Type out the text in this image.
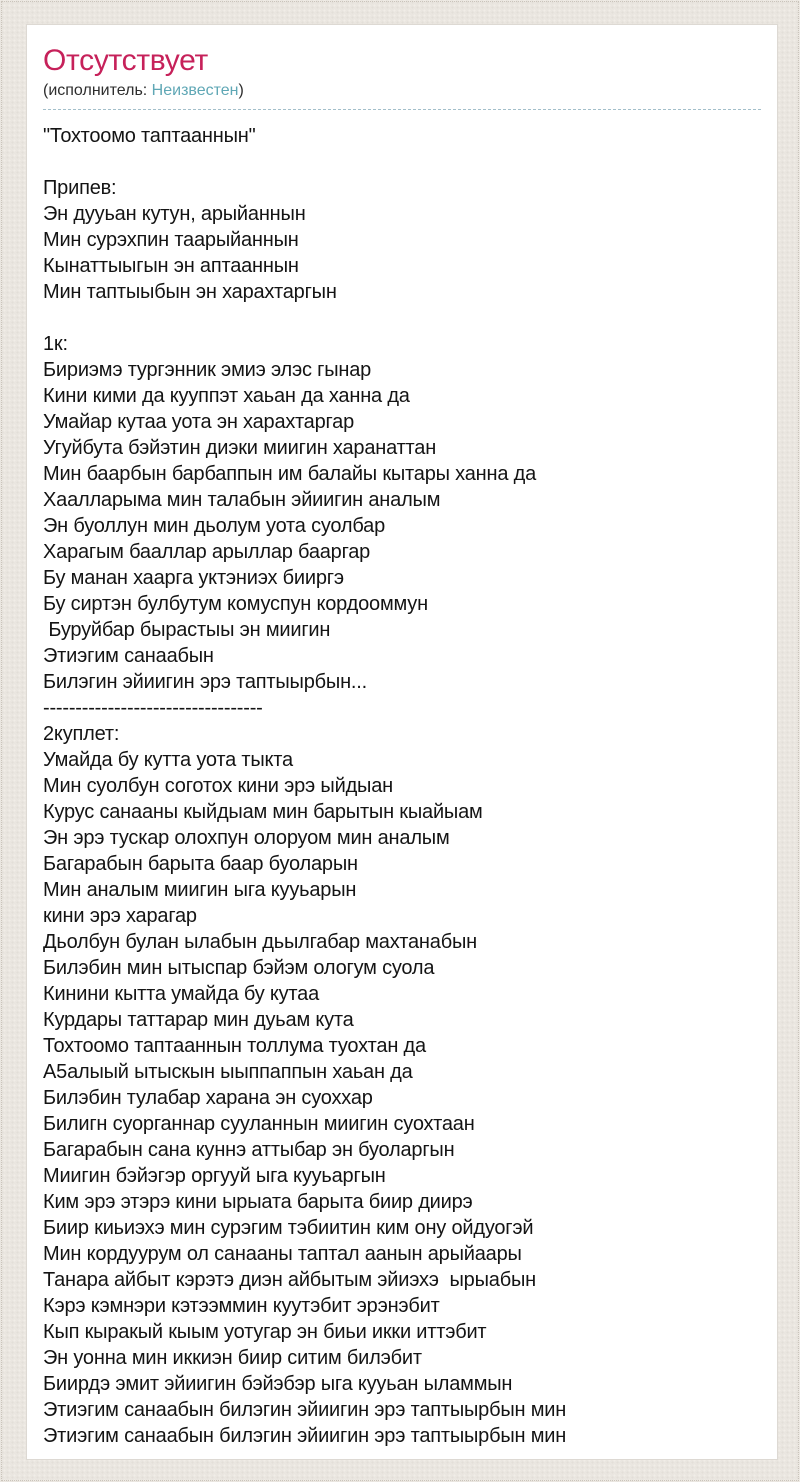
Отсутствует
(исполнитель: Неизвестен)
"Тохтоомо таптааннын"
Припев:
Эн дууьан кутун, арыйаннын
Мин сурэхпин таарыйаннын
Кынаттыыгын эн аптааннын
Мин таптыыбын эн харахтаргын
1к:
Бириэмэ тургэнник эмиэ элэс гынар
Кини кими да кууппэт хаьан да ханна да
Умайар кутаа уота эн харахтаргар
Угуйбута бэйэтин диэки миигин харанаттан
Мин баарбын барбаппын им балайы кытары ханна да
Хаалларыма мин талабын эйиигин аналым
Эн буоллун мин дьолум уота суолбар
Харагым бааллар арыллар бааргар
Бу манан хаарга уктэниэх бииргэ
Бу сиртэн булбутум комуспун кордооммун
Буруйбар бырастыы эн миигин
Этиэгим санаабын
Билэгин эйиигин эрэ таптыырбын...
----------------------------------
2куплет:
Умайда бу кутта уота тыкта
Мин суолбун соготох кини эрэ ыйдыан
Курус санааны кыйдыам мин барытын кыайыам
Эн эрэ тускар олохпун олоруом мин аналым
Багарабын барыта баар буоларын
Мин аналым миигин ыга кууьарын
кини эрэ харагар
Дьолбун булан ылабын дьылгабар махтанабын
Билэбин мин ытыспар бэйэм ологум суола
Кинини кытта умайда бу кутаа
Курдары таттарар мин дуьам кута
Тохтоомо таптааннын толлума туохтан да
А5алыый ытыскын ыыппаппын хаьан да
Билэбин тулабар харана эн суоххар
Билигн суорганнар сууланнын миигин суохтаан
Багарабын сана куннэ аттыбар эн буоларгын
Миигин бэйэгэр оргууй ыга кууьаргын
Ким эрэ этэрэ кини ырыата барыта биир диирэ
Биир киьиэхэ мин сурэгим тэбиитин ким ону ойдуогэй
Мин кордуурум ол санааны таптал аанын арыйаары
Танара айбыт кэрэтэ диэн айбытым эйиэхэ  ырыабын
Кэрэ кэмнэри кэтээммин куутэбит эрэнэбит
Кып кыракый кыым уотугар эн биьи икки иттэбит
Эн уонна мин иккиэн биир ситим билэбит
Биирдэ эмит эйиигин бэйэбэр ыга кууьан ыламмын
Этиэгим санаабын билэгин эйиигин эрэ таптыырбын мин
Этиэгим санаабын билэгин эйиигин эрэ таптыырбын мин
